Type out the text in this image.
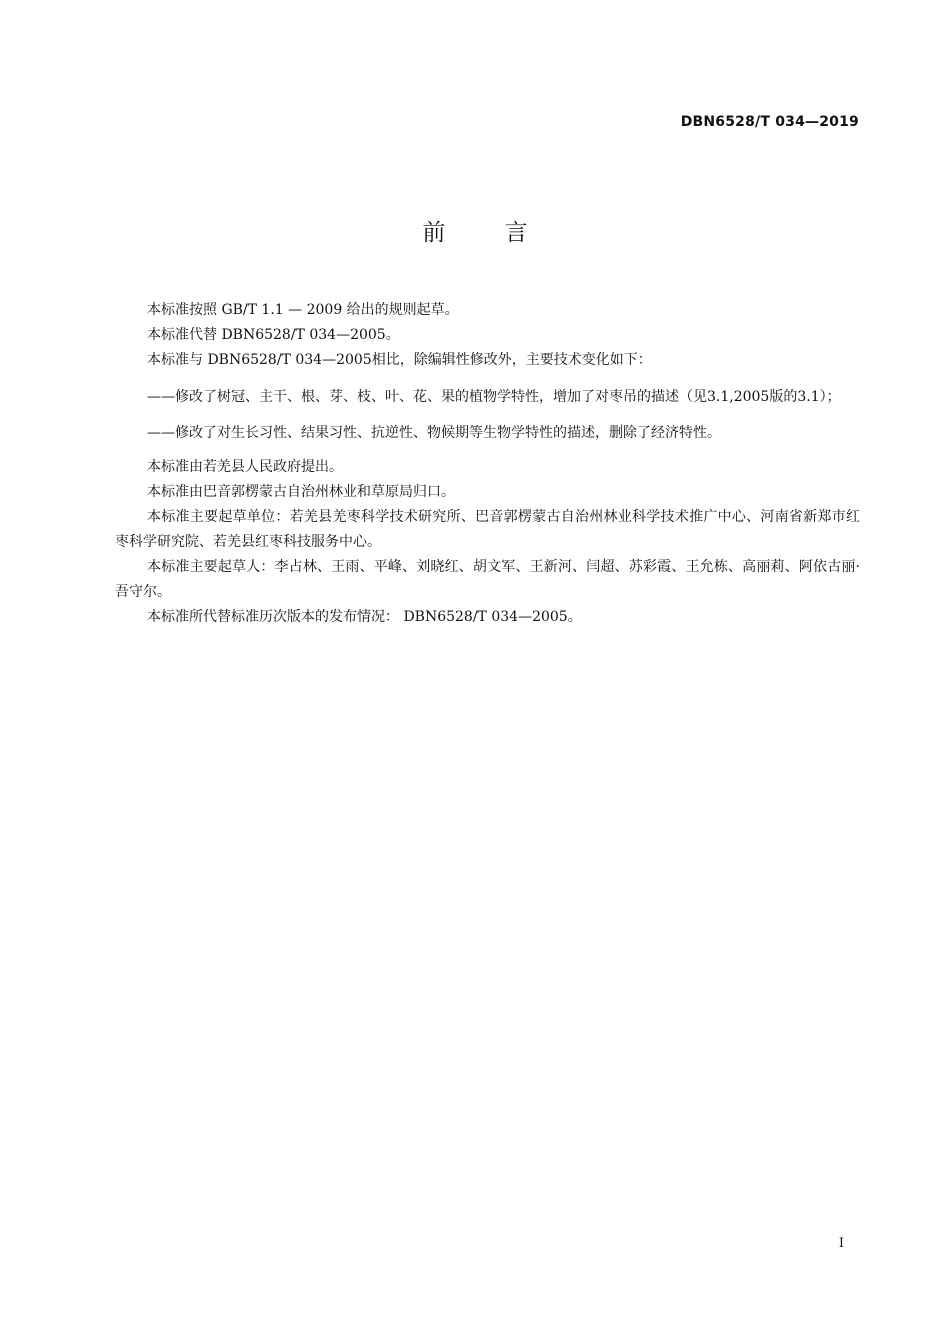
DBN6528/T 034—2019
前 言

本标准按照 GB/T 1.1 — 2009 给出的规则起草。

本标准代替 DBN6528/T 034—2005。

本标准与 DBN6528/T 034—2005相比，除编辑性修改外，主要技术变化如下：

——修改了树冠、主干、根、芽、枝、叶、花、果的植物学特性，增加了对枣吊的描述（见3.1,2005版的3.1）；

——修改了对生长习性、结果习性、抗逆性、物候期等生物学特性的描述，删除了经济特性。

本标准由若羌县人民政府提出。

本标准由巴音郭楞蒙古自治州林业和草原局归口。

本标准主要起草单位：若羌县羌枣科学技术研究所、巴音郭楞蒙古自治州林业科学技术推广中心、河南省新郑市红枣科学研究院、若羌县红枣科技服务中心。

本标准主要起草人：李占林、王雨、平峰、刘晓红、胡文军、王新河、闫超、苏彩霞、王允栋、高丽莉、阿依古丽·吾守尔。

本标准所代替标准历次版本的发布情况： DBN6528/T 034—2005。

I
